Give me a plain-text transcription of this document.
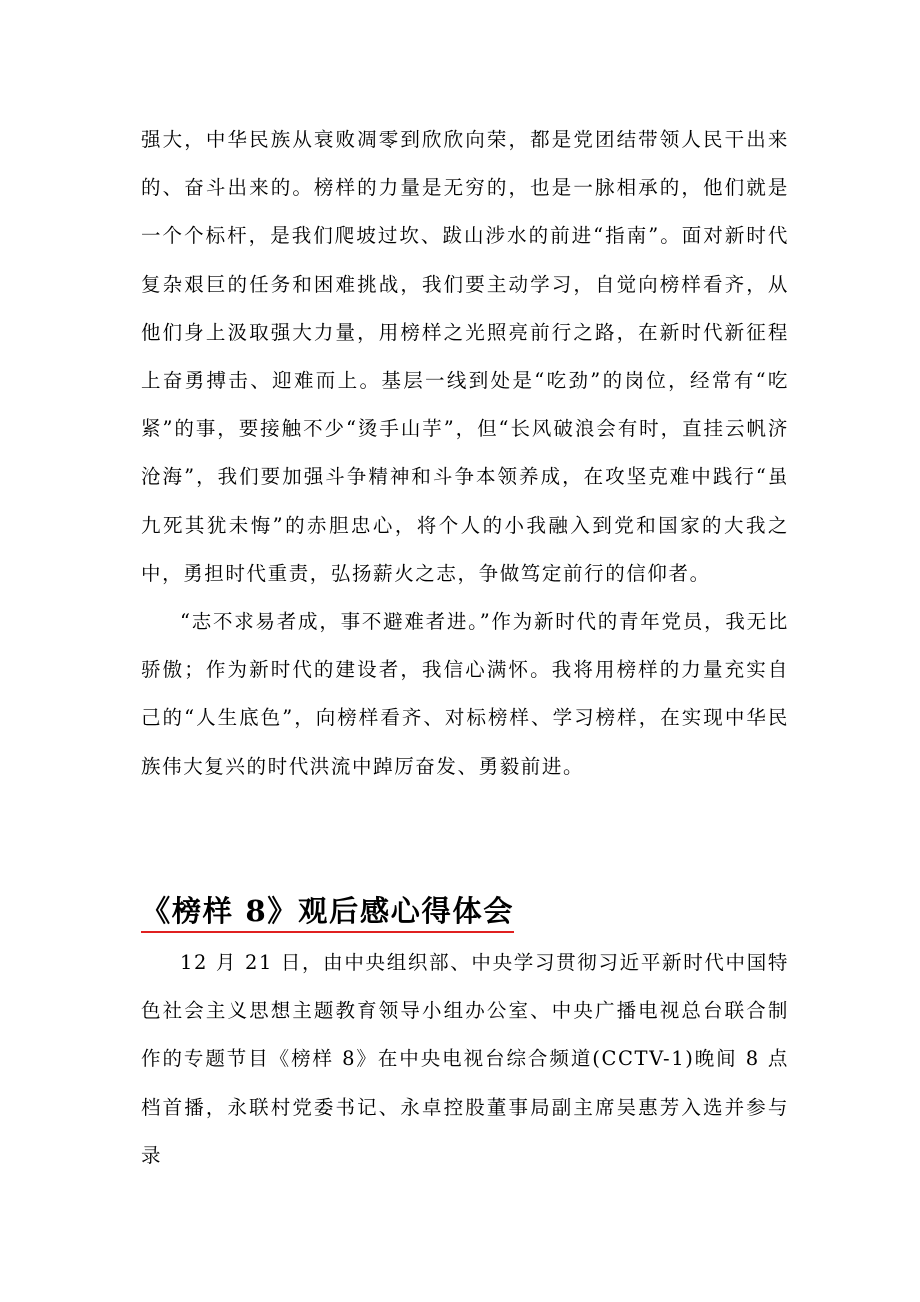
强大，中华民族从衰败凋零到欣欣向荣，都是党团结带领人民干出来的、奋斗出来的。榜样的力量是无穷的，也是一脉相承的，他们就是一个个标杆，是我们爬坡过坎、跋山涉水的前进“指南”。面对新时代复杂艰巨的任务和困难挑战，我们要主动学习，自觉向榜样看齐，从他们身上汲取强大力量，用榜样之光照亮前行之路，在新时代新征程上奋勇搏击、迎难而上。基层一线到处是“吃劲”的岗位，经常有“吃紧”的事，要接触不少“烫手山芋”，但“长风破浪会有时，直挂云帆济沧海”，我们要加强斗争精神和斗争本领养成，在攻坚克难中践行“虽九死其犹未悔”的赤胆忠心，将个人的小我融入到党和国家的大我之中，勇担时代重责，弘扬薪火之志，争做笃定前行的信仰者。

“志不求易者成，事不避难者进。”作为新时代的青年党员，我无比骄傲；作为新时代的建设者，我信心满怀。我将用榜样的力量充实自己的“人生底色”，向榜样看齐、对标榜样、学习榜样，在实现中华民族伟大复兴的时代洪流中踔厉奋发、勇毅前进。

《榜样 8》观后感心得体会

12 月 21 日，由中央组织部、中央学习贯彻习近平新时代中国特色社会主义思想主题教育领导小组办公室、中央广播电视总台联合制作的专题节目《榜样 8》在中央电视台综合频道(CCTV-1)晚间 8 点档首播，永联村党委书记、永卓控股董事局副主席吴惠芳入选并参与录
